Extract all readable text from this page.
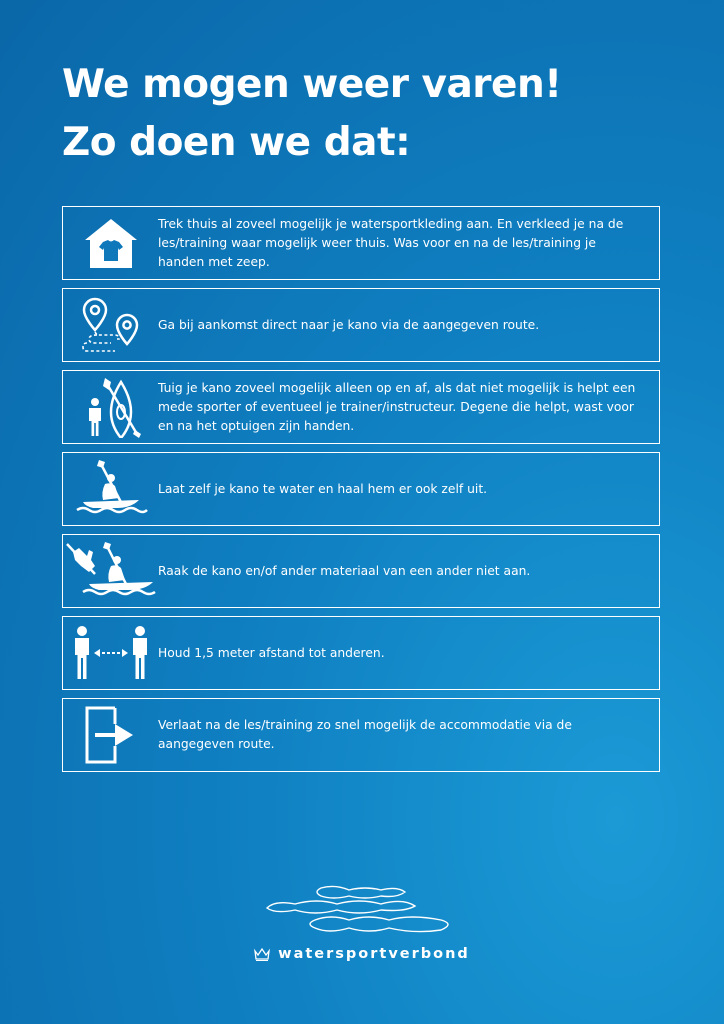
We mogen weer varen!
Zo doen we dat:
Trek thuis al zoveel mogelijk je watersportkleding aan. En verkleed je na de les/training waar mogelijk weer thuis. Was voor en na de les/training je handen met zeep.
Ga bij aankomst direct naar je kano via de aangegeven route.
Tuig je kano zoveel mogelijk alleen op en af, als dat niet mogelijk is helpt een mede sporter of eventueel je trainer/instructeur. Degene die helpt, wast voor en na het optuigen zijn handen.
Laat zelf je kano te water en haal hem er ook zelf uit.
Raak de kano en/of ander materiaal van een ander niet aan.
Houd 1,5 meter afstand tot anderen.
Verlaat na de les/training zo snel mogelijk de accommodatie via de aangegeven route.
watersportverbond
